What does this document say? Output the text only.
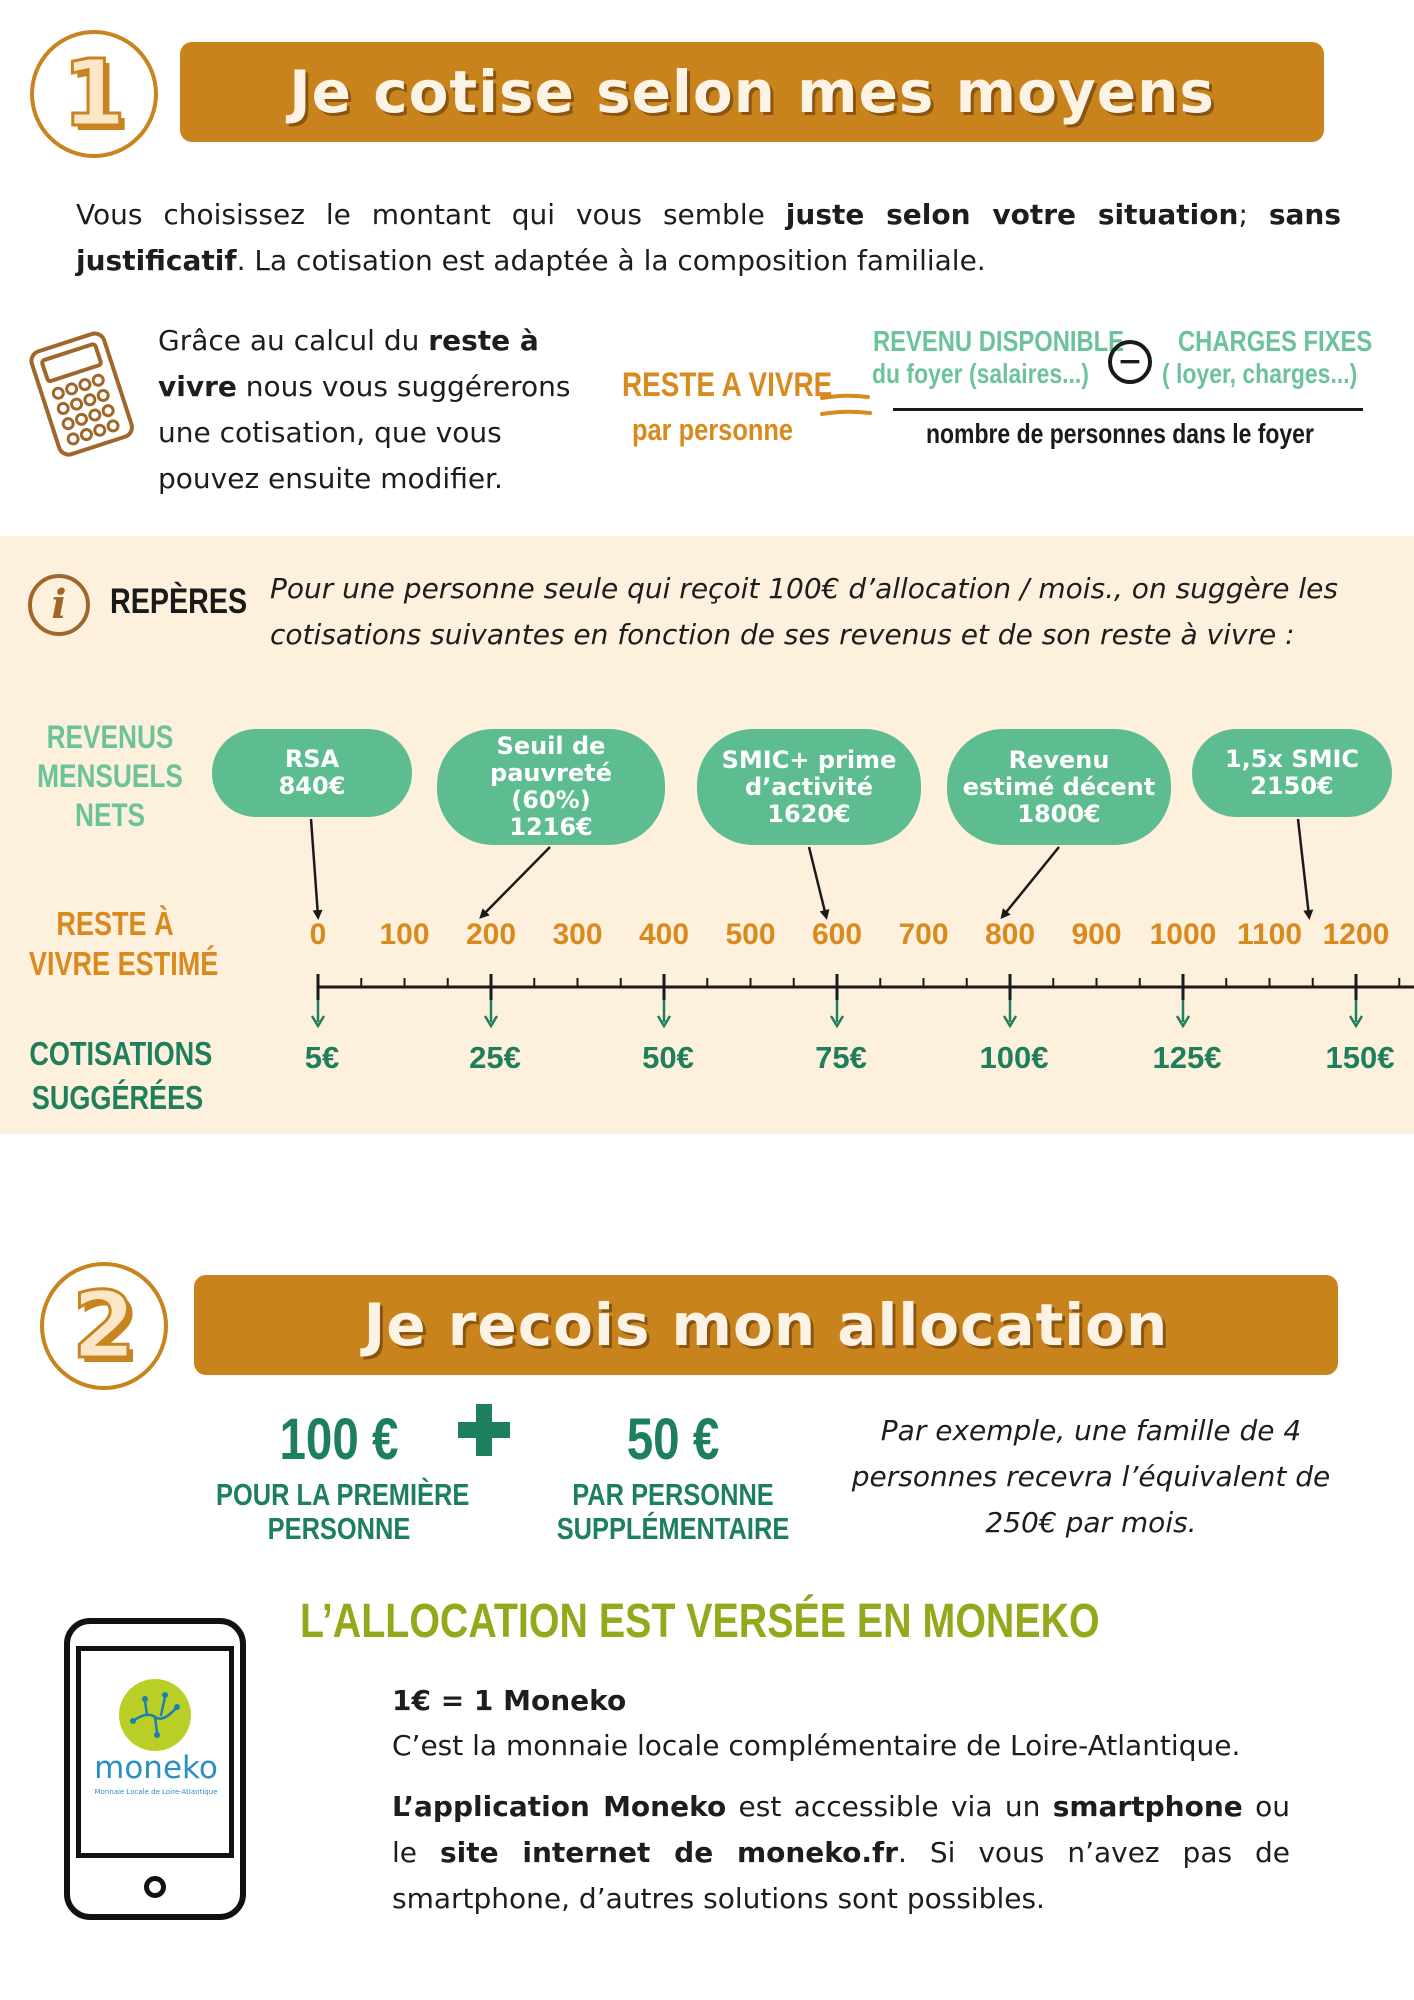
1	Je cotise selon mes moyens
Vous choisissez le montant qui vous semble juste selon votre situation; sans justificatif. La cotisation est adaptée à la composition familiale.
Grâce au calcul du reste à vivre nous vous suggérerons une cotisation, que vous pouvez ensuite modifier.
RESTE A VIVRE
par personne
REVENU DISPONIBLE
du foyer (salaires...) −
CHARGES FIXES
( loyer, charges...)
nombre de personnes dans le foyer
i REPÈRES Pour une personne seule qui reçoit 100€ d’allocation / mois., on suggère les cotisations suivantes en fonction de ses revenus et de son reste à vivre :
REVENUS
MENSUELS
NETS
RESTE À
VIVRE ESTIMÉ
COTISATIONS
SUGGÉRÉES
RSA
840€
Seuil de pauvreté (60%)
1216€
SMIC+ prime d’activité
1620€
Revenu estimé décent
1800€
1,5x SMIC
2150€
0 100 200 300 400 500 600 700 800 900 1000 1100 1200
5€	25€	50€	75€	100€	125€	150€
2	Je recois mon allocation
100 €
POUR LA PREMIÈRE
PERSONNE
50 €
PAR PERSONNE
SUPPLÉMENTAIRE
Par exemple, une famille de 4 personnes recevra l’équivalent de 250€ par mois.
L’ALLOCATION EST VERSÉE EN MONEKO
moneko
Monnaie Locale de Loire-Atlantique
1€ = 1 Moneko
C’est la monnaie locale complémentaire de Loire-Atlantique.
L’application Moneko est accessible via un smartphone ou le site internet de moneko.fr. Si vous n’avez pas de smartphone, d’autres solutions sont possibles.
